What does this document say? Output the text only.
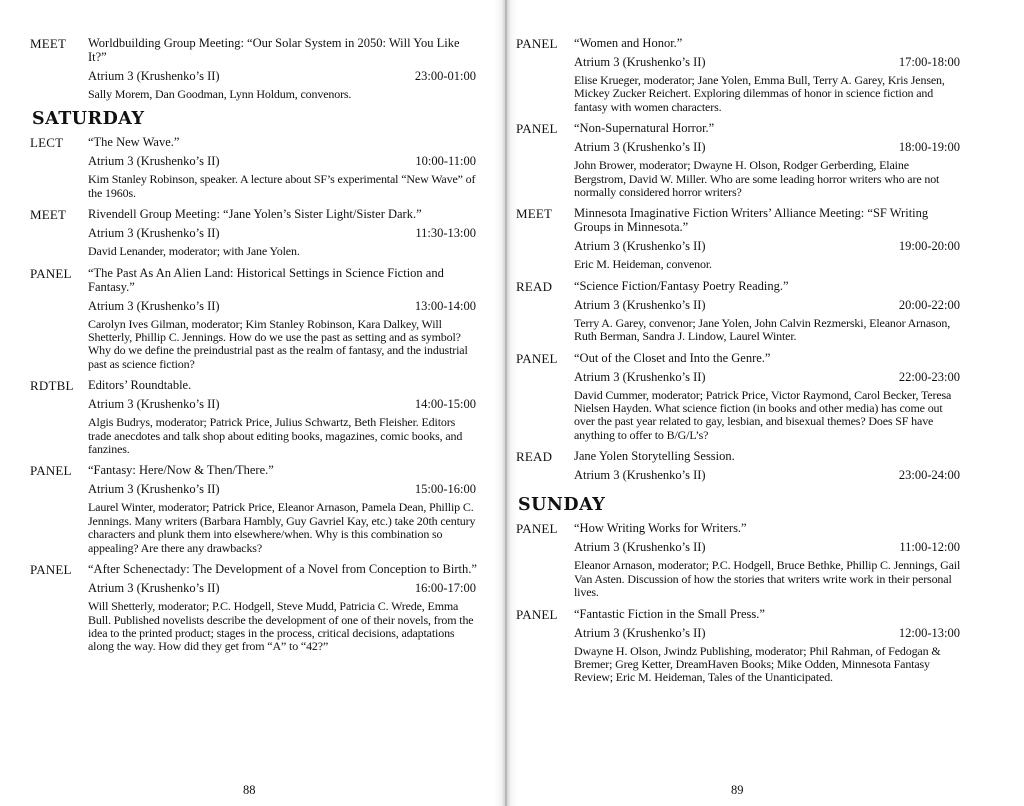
MEET	Worldbuilding Group Meeting: “Our Solar System in 2050: Will You Like It?”
Atrium 3 (Krushenko’s II)	23:00-01:00
Sally Morem, Dan Goodman, Lynn Holdum, convenors.
SATURDAY
LECT	“The New Wave.”
Atrium 3 (Krushenko’s II)	10:00-11:00
Kim Stanley Robinson, speaker. A lecture about SF’s experimental “New Wave” of the 1960s.
MEET	Rivendell Group Meeting: “Jane Yolen’s Sister Light/Sister Dark.”
Atrium 3 (Krushenko’s II)	11:30-13:00
David Lenander, moderator; with Jane Yolen.
PANEL	“The Past As An Alien Land: Historical Settings in Science Fiction and Fantasy.”
Atrium 3 (Krushenko’s II)	13:00-14:00
Carolyn Ives Gilman, moderator; Kim Stanley Robinson, Kara Dalkey, Will Shetterly, Phillip C. Jennings. How do we use the past as setting and as symbol? Why do we define the preindustrial past as the realm of fantasy, and the industrial past as science fiction?
RDTBL	Editors’ Roundtable.
Atrium 3 (Krushenko’s II)	14:00-15:00
Algis Budrys, moderator; Patrick Price, Julius Schwartz, Beth Fleisher. Editors trade anecdotes and talk shop about editing books, magazines, comic books, and fanzines.
PANEL	“Fantasy: Here/Now & Then/There.”
Atrium 3 (Krushenko’s II)	15:00-16:00
Laurel Winter, moderator; Patrick Price, Eleanor Arnason, Pamela Dean, Phillip C. Jennings. Many writers (Barbara Hambly, Guy Gavriel Kay, etc.) take 20th century characters and plunk them into elsewhere/when. Why is this combination so appealing? Are there any drawbacks?
PANEL	“After Schenectady: The Development of a Novel from Conception to Birth.”
Atrium 3 (Krushenko’s II)	16:00-17:00
Will Shetterly, moderator; P.C. Hodgell, Steve Mudd, Patricia C. Wrede, Emma Bull. Published novelists describe the development of one of their novels, from the idea to the printed product; stages in the process, critical decisions, adaptations along the way. How did they get from “A” to “42?”
PANEL	“Women and Honor.”
Atrium 3 (Krushenko’s II)	17:00-18:00
Elise Krueger, moderator; Jane Yolen, Emma Bull, Terry A. Garey, Kris Jensen, Mickey Zucker Reichert. Exploring dilemmas of honor in science fiction and fantasy with women characters.
PANEL	“Non-Supernatural Horror.”
Atrium 3 (Krushenko’s II)	18:00-19:00
John Brower, moderator; Dwayne H. Olson, Rodger Gerberding, Elaine Bergstrom, David W. Miller. Who are some leading horror writers who are not normally considered horror writers?
MEET	Minnesota Imaginative Fiction Writers’ Alliance Meeting: “SF Writing Groups in Minnesota.”
Atrium 3 (Krushenko’s II)	19:00-20:00
Eric M. Heideman, convenor.
READ	“Science Fiction/Fantasy Poetry Reading.”
Atrium 3 (Krushenko’s II)	20:00-22:00
Terry A. Garey, convenor; Jane Yolen, John Calvin Rezmerski, Eleanor Arnason, Ruth Berman, Sandra J. Lindow, Laurel Winter.
PANEL	“Out of the Closet and Into the Genre.”
Atrium 3 (Krushenko’s II)	22:00-23:00
David Cummer, moderator; Patrick Price, Victor Raymond, Carol Becker, Teresa Nielsen Hayden. What science fiction (in books and other media) has come out over the past year related to gay, lesbian, and bisexual themes? Does SF have anything to offer to B/G/L’s?
READ	Jane Yolen Storytelling Session.
Atrium 3 (Krushenko’s II)	23:00-24:00
SUNDAY
PANEL	“How Writing Works for Writers.”
Atrium 3 (Krushenko’s II)	11:00-12:00
Eleanor Arnason, moderator; P.C. Hodgell, Bruce Bethke, Phillip C. Jennings, Gail Van Asten. Discussion of how the stories that writers write work in their personal lives.
PANEL	“Fantastic Fiction in the Small Press.”
Atrium 3 (Krushenko’s II)	12:00-13:00
Dwayne H. Olson, Jwindz Publishing, moderator; Phil Rahman, of Fedogan & Bremer; Greg Ketter, DreamHaven Books; Mike Odden, Minnesota Fantasy Review; Eric M. Heideman, Tales of the Unanticipated.
88	89
